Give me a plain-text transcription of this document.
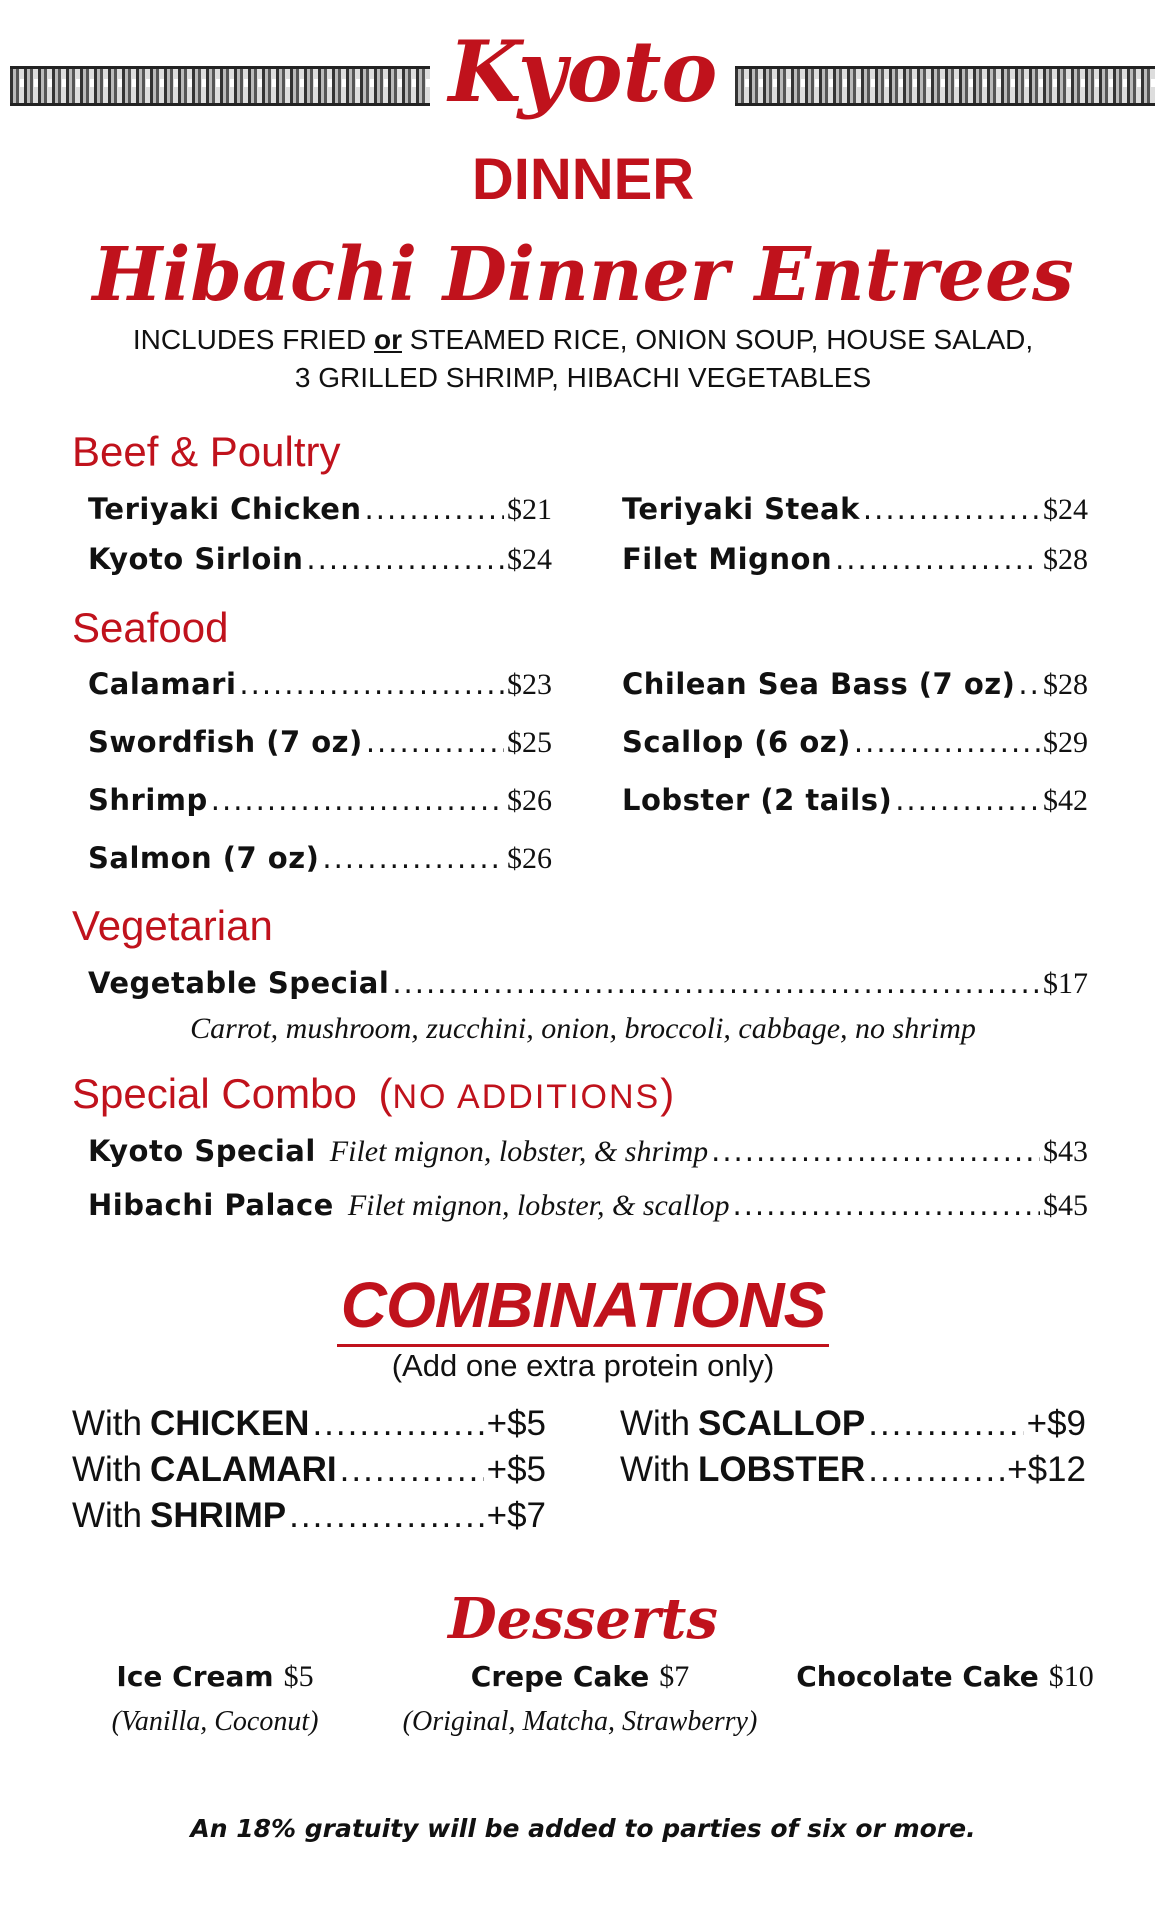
Kyoto
DINNER
Hibachi Dinner Entrees
INCLUDES FRIED or STEAMED RICE, ONION SOUP, HOUSE SALAD,
3 GRILLED SHRIMP, HIBACHI VEGETABLES
Beef & Poultry
Teriyaki Chicken .....	$21 Teriyaki Steak .....	$24
Kyoto Sirloin .....	$24 Filet Mignon .....	$28
Seafood
Calamari .....	$23 Chilean Sea Bass (7 oz) ..... $28
Swordfish (7 oz) .....	$25 Scallop (6 oz) .....	$29
Shrimp .....	$26 Lobster (2 tails) .....	$42
Salmon (7 oz) .....	$26
Vegetarian
Vegetable Special .....	$17
Carrot, mushroom, zucchini, onion, broccoli, cabbage, no shrimp
Special Combo (NO ADDITIONS)
Kyoto Special Filet mignon, lobster, & shrimp .....	$43
Hibachi Palace Filet mignon, lobster, & scallop .....	$45
COMBINATIONS
(Add one extra protein only)
With CHICKEN .....	+$5 With SCALLOP .....	+$9
With CALAMARI .....	+$5 With LOBSTER .....	+$12
With SHRIMP .....	+$7
Desserts
Ice Cream $5
(Vanilla, Coconut)
Crepe Cake $7
(Original, Matcha, Strawberry)
Chocolate Cake $10
An 18% gratuity will be added to parties of six or more.
